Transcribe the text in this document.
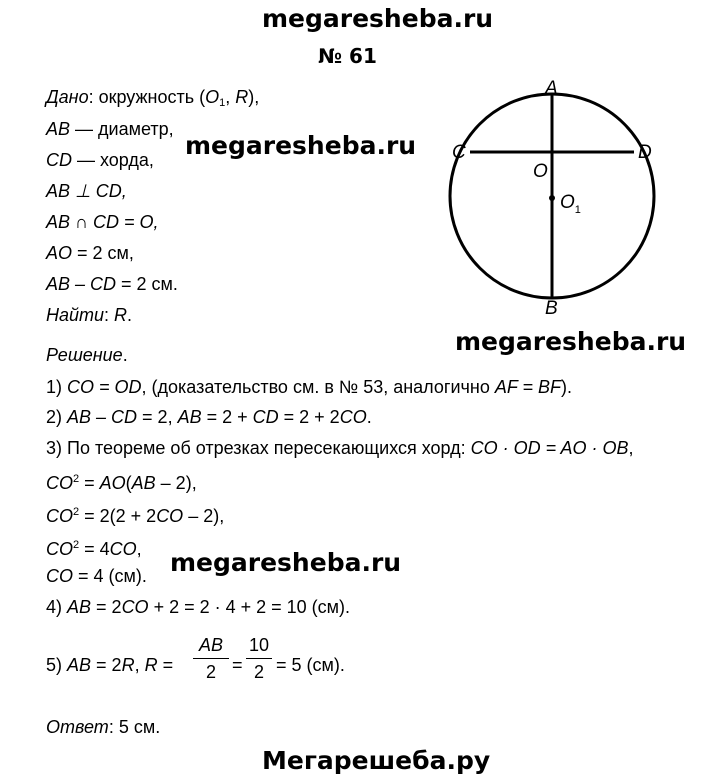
megaresheba.ru
№ 61
Дано: окружность ($O_1$, R),
AB — диаметр,
CD — хорда,
AB ⊥ CD,
AB ∩ CD = O,
AO = 2 см,
AB – CD = 2 см.
Найти: R.
megaresheba.ru
A
B
C	D
O
$O_1$
megaresheba.ru
Решение.
1) CO = OD, (доказательство см. в № 53, аналогично AF = BF).
2) AB – CD = 2, AB = 2 + CD = 2 + 2CO.
3) По теореме об отрезках пересекающихся хорд: CO · OD = AO · OB,
$CO^2 = AO(AB - 2)$,
$CO^2 = 2(2 + 2CO - 2)$,
$CO^2 = 4CO$,
CO = 4 (см). megaresheba.ru
4) AB = 2CO + 2 = 2 · 4 + 2 = 10 (см).
5) AB = 2R, R =
AB
2 =
10
2 = 5 (см).
Ответ: 5 см.
Мегарешеба.ру
